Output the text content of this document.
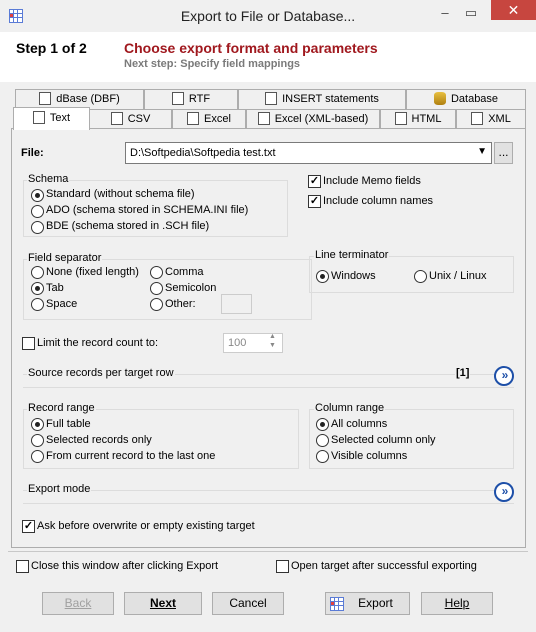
Export to File or Database...	–	▭	✕
Step 1 of 2	Choose export format and parameters
Next step: Specify field mappings
dBase (DBF)	RTF	INSERT statements	Database
CSV	Excel	Excel (XML-based)	HTML	XML
Text
File:	D:\Softpedia\Softpedia test.txt	▼ ...
Schema
Standard (without schema file)
ADO (schema stored in SCHEMA.INI file)
BDE (schema stored in .SCH file)
✓ Include Memo fields
✓ Include column names
Field separator
None (fixed length)
Tab
Space
Comma
Semicolon
Other:
Line terminator
Windows	Unix / Linux
Limit the record count to:	100
▲
▼
Source records per target row	[1]	»
Record range
Full table
Selected records only
From current record to the last one
Column range
All columns
Selected column only
Visible columns
Export mode	»
✓ Ask before overwrite or empty existing target
Close this window after clicking Export	Open target after successful exporting
Back	Next	Cancel	Export	Help
